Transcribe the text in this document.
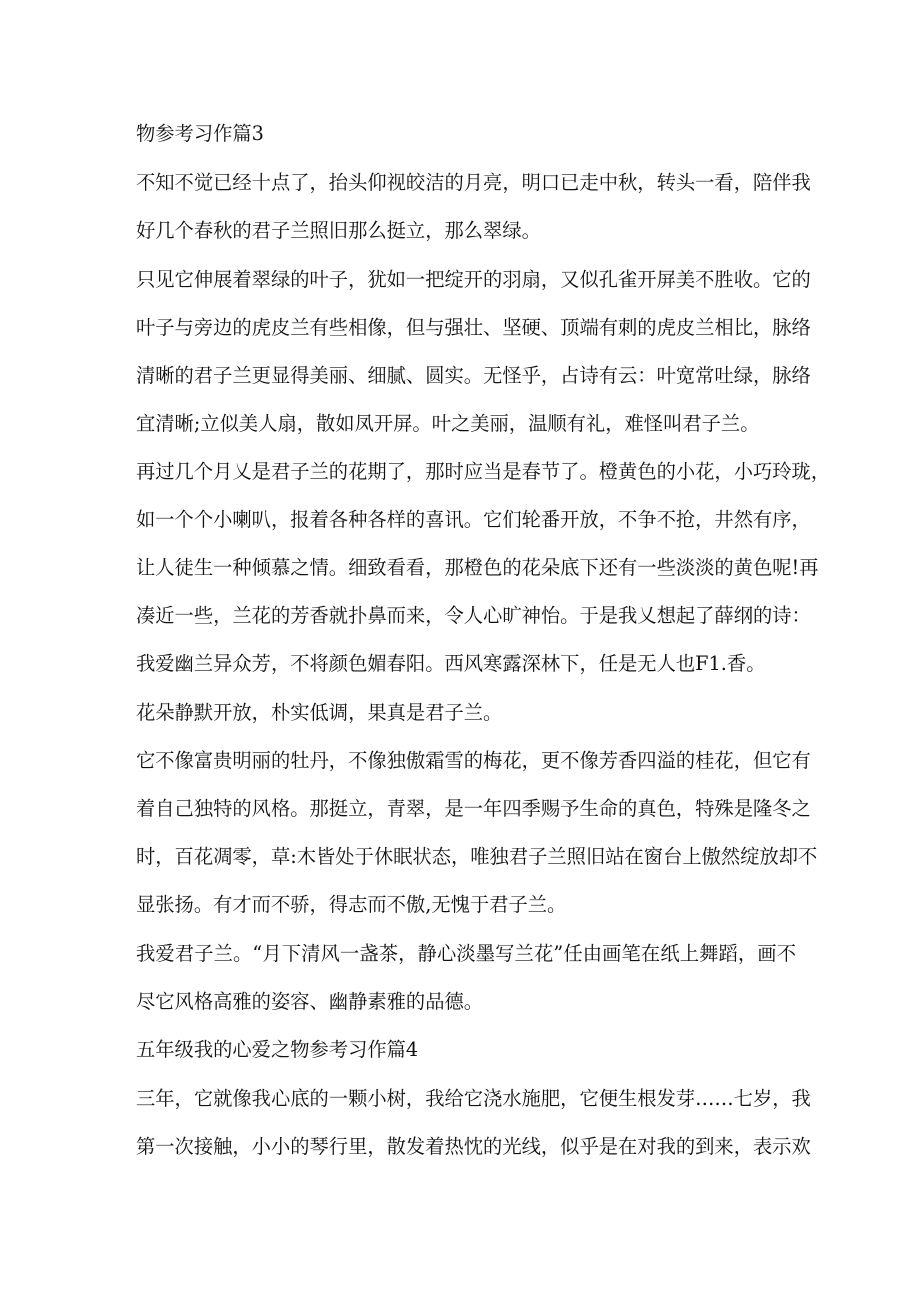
物参考习作篇3
不知不觉已经十点了，抬头仰视皎洁的月亮，明口已走中秋，转头一看，陪伴我
好几个春秋的君子兰照旧那么挺立，那么翠绿。
只见它伸展着翠绿的叶子，犹如一把绽开的羽扇，又似孔雀开屏美不胜收。它的
叶子与旁边的虎皮兰有些相像，但与强壮、坚硬、顶端有刺的虎皮兰相比，脉络
清晰的君子兰更显得美丽、细腻、圆实。无怪乎，占诗有云：叶宽常吐绿，脉络
宜清晰;立似美人扇，散如凤开屏。叶之美丽，温顺有礼，难怪叫君子兰。
再过几个月乂是君子兰的花期了，那时应当是春节了。橙黄色的小花，小巧玲珑，
如一个个小喇叭，报着各种各样的喜讯。它们轮番开放，不争不抢，井然有序，
让人徒生一种倾慕之情。细致看看，那橙色的花朵底下还有一些淡淡的黄色呢!再
凑近一些，兰花的芳香就扑鼻而来，令人心旷神怡。于是我乂想起了薛纲的诗：
我爱幽兰异众芳，不将颜色媚春阳。西风寒露深林下，任是无人也F1.香。
花朵静默开放，朴实低调，果真是君子兰。
它不像富贵明丽的牡丹，不像独傲霜雪的梅花，更不像芳香四溢的桂花，但它有
着自己独特的风格。那挺立，青翠，是一年四季赐予生命的真色，特殊是隆冬之
时，百花凋零，草:木皆处于休眠状态，唯独君子兰照旧站在窗台上傲然绽放却不
显张扬。有才而不骄，得志而不傲,无愧于君子兰。
我爱君子兰。“月下清风一盏茶，静心淡墨写兰花”任由画笔在纸上舞蹈，画不
尽它风格高雅的姿容、幽静素雅的品德。
五年级我的心爱之物参考习作篇4
三年，它就像我心底的一颗小树，我给它浇水施肥，它便生根发芽……七岁，我
第一次接触，小小的琴行里，散发着热忱的光线，似乎是在对我的到来，表示欢
